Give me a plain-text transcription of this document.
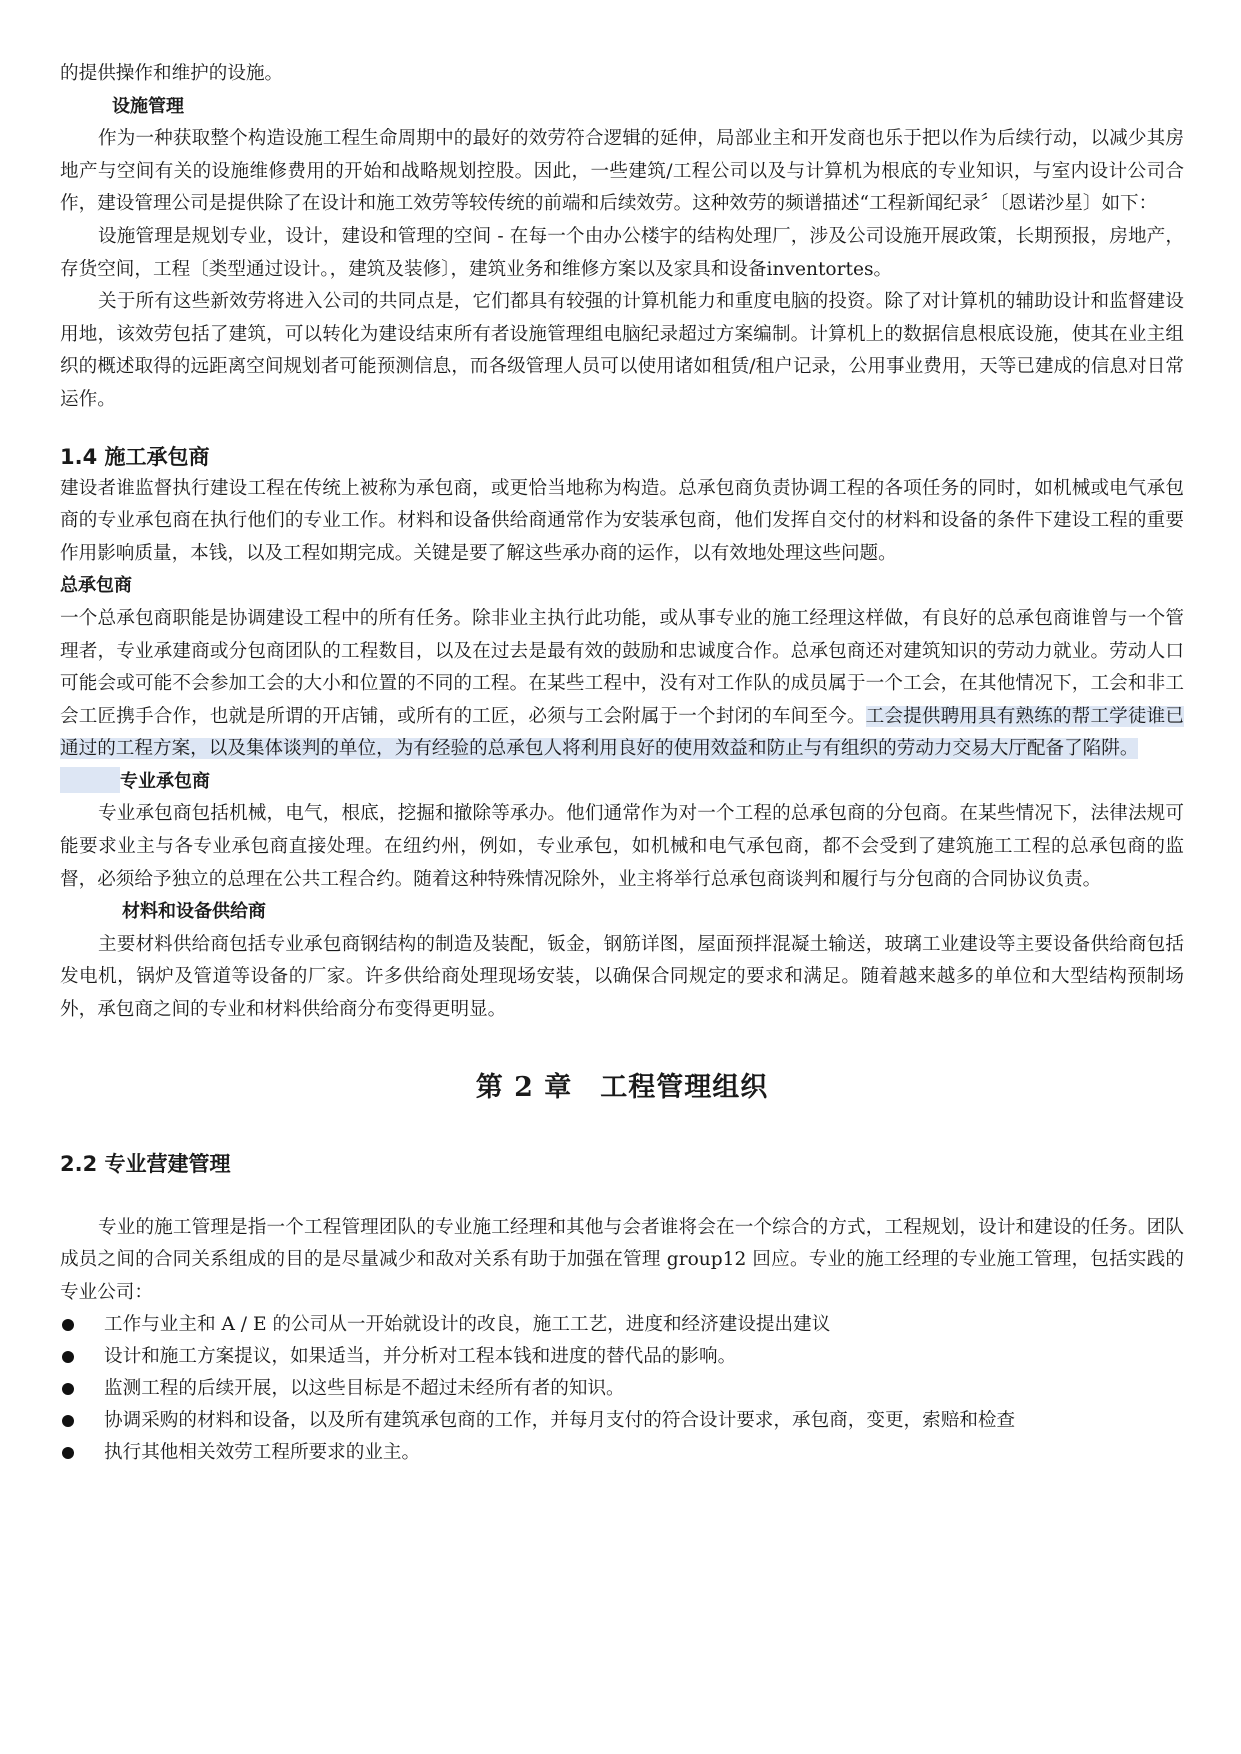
的提供操作和维护的设施。

设施管理

作为一种获取整个构造设施工程生命周期中的最好的效劳符合逻辑的延伸，局部业主和开发商也乐于把以作为后续行动，以减少其房地产与空间有关的设施维修费用的开始和战略规划控股。因此，一些建筑/工程公司以及与计算机为根底的专业知识，与室内设计公司合作，建设管理公司是提供除了在设计和施工效劳等较传统的前端和后续效劳。这种效劳的频谱描述“工程新闻纪录〞〔恩诺沙星〕如下：

设施管理是规划专业，设计，建设和管理的空间 - 在每一个由办公楼宇的结构处理厂，涉及公司设施开展政策，长期预报，房地产，存货空间，工程〔类型通过设计。，建筑及装修〕，建筑业务和维修方案以及家具和设备inventortes。

关于所有这些新效劳将进入公司的共同点是，它们都具有较强的计算机能力和重度电脑的投资。除了对计算机的辅助设计和监督建设用地，该效劳包括了建筑，可以转化为建设结束所有者设施管理组电脑纪录超过方案编制。计算机上的数据信息根底设施，使其在业主组织的概述取得的远距离空间规划者可能预测信息，而各级管理人员可以使用诸如租赁/租户记录，公用事业费用，天等已建成的信息对日常运作。

1.4 施工承包商

建设者谁监督执行建设工程在传统上被称为承包商，或更恰当地称为构造。总承包商负责协调工程的各项任务的同时，如机械或电气承包商的专业承包商在执行他们的专业工作。材料和设备供给商通常作为安装承包商，他们发挥自交付的材料和设备的条件下建设工程的重要作用影响质量，本钱，以及工程如期完成。关键是要了解这些承办商的运作，以有效地处理这些问题。

总承包商

一个总承包商职能是协调建设工程中的所有任务。除非业主执行此功能，或从事专业的施工经理这样做，有良好的总承包商谁曾与一个管理者，专业承建商或分包商团队的工程数目，以及在过去是最有效的鼓励和忠诚度合作。总承包商还对建筑知识的劳动力就业。劳动人口可能会或可能不会参加工会的大小和位置的不同的工程。在某些工程中，没有对工作队的成员属于一个工会，在其他情况下，工会和非工会工匠携手合作，也就是所谓的开店铺，或所有的工匠，必须与工会附属于一个封闭的车间至今。工会提供聘用具有熟练的帮工学徒谁已通过的工程方案，以及集体谈判的单位，为有经验的总承包人将利用良好的使用效益和防止与有组织的劳动力交易大厅配备了陷阱。

专业承包商

专业承包商包括机械，电气，根底，挖掘和撤除等承办。他们通常作为对一个工程的总承包商的分包商。在某些情况下，法律法规可能要求业主与各专业承包商直接处理。在纽约州，例如，专业承包，如机械和电气承包商，都不会受到了建筑施工工程的总承包商的监督，必须给予独立的总理在公共工程合约。随着这种特殊情况除外，业主将举行总承包商谈判和履行与分包商的合同协议负责。

材料和设备供给商

主要材料供给商包括专业承包商钢结构的制造及装配，钣金，钢筋详图，屋面预拌混凝土输送，玻璃工业建设等主要设备供给商包括发电机，锅炉及管道等设备的厂家。许多供给商处理现场安装，以确保合同规定的要求和满足。随着越来越多的单位和大型结构预制场外，承包商之间的专业和材料供给商分布变得更明显。

第 2 章　工程管理组织
2.2 专业营建管理

专业的施工管理是指一个工程管理团队的专业施工经理和其他与会者谁将会在一个综合的方式，工程规划，设计和建设的任务。团队成员之间的合同关系组成的目的是尽量减少和敌对关系有助于加强在管理 group12 回应。专业的施工经理的专业施工管理，包括实践的专业公司：

工作与业主和 A / E 的公司从一开始就设计的改良，施工工艺，进度和经济建设提出建议
设计和施工方案提议，如果适当，并分析对工程本钱和进度的替代品的影响。
监测工程的后续开展，以这些目标是不超过未经所有者的知识。
协调采购的材料和设备，以及所有建筑承包商的工作，并每月支付的符合设计要求，承包商，变更，索赔和检查
执行其他相关效劳工程所要求的业主。
